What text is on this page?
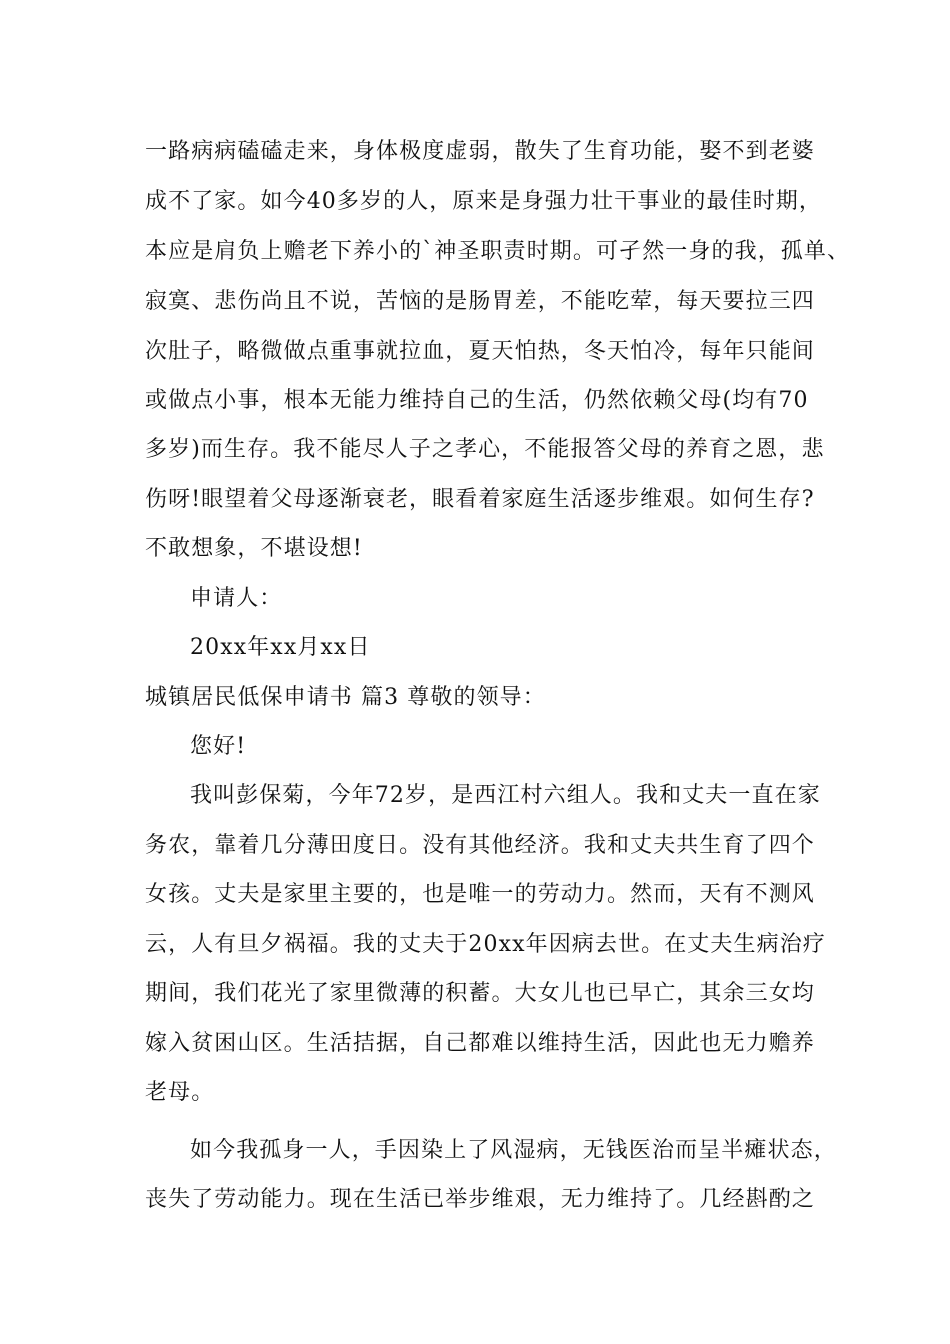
一路病病磕磕走来，身体极度虚弱，散失了生育功能，娶不到老婆
成不了家。如今40多岁的人，原来是身强力壮干事业的最佳时期，
本应是肩负上赡老下养小的`神圣职责时期。可孑然一身的我，孤单、
寂寞、悲伤尚且不说，苦恼的是肠胃差，不能吃荤，每天要拉三四
次肚子，略微做点重事就拉血，夏天怕热，冬天怕冷，每年只能间
或做点小事，根本无能力维持自己的生活，仍然依赖父母(均有70
多岁)而生存。我不能尽人子之孝心，不能报答父母的养育之恩，悲
伤呀!眼望着父母逐渐衰老，眼看着家庭生活逐步维艰。如何生存?
不敢想象，不堪设想!
申请人：
20xx年xx月xx日
城镇居民低保申请书 篇3 尊敬的领导：
您好!
我叫彭保菊，今年72岁，是西江村六组人。我和丈夫一直在家
务农，靠着几分薄田度日。没有其他经济。我和丈夫共生育了四个
女孩。丈夫是家里主要的，也是唯一的劳动力。然而，天有不测风
云，人有旦夕祸福。我的丈夫于20xx年因病去世。在丈夫生病治疗
期间，我们花光了家里微薄的积蓄。大女儿也已早亡，其余三女均
嫁入贫困山区。生活拮据，自己都难以维持生活，因此也无力赡养
老母。
如今我孤身一人，手因染上了风湿病，无钱医治而呈半瘫状态，
丧失了劳动能力。现在生活已举步维艰，无力维持了。几经斟酌之
